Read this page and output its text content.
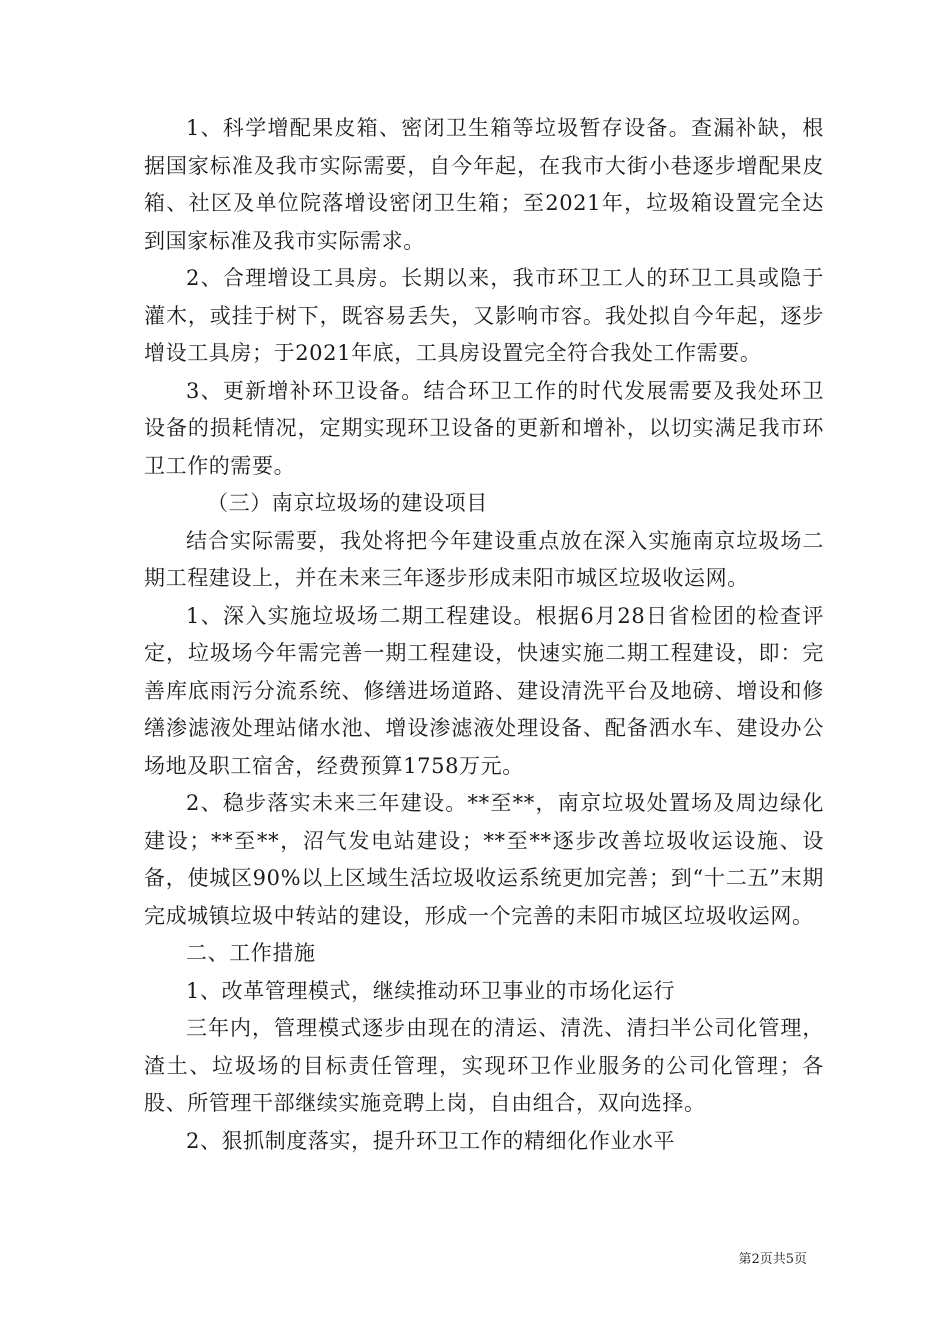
1、科学增配果皮箱、密闭卫生箱等垃圾暂存设备。查漏补缺，根据国家标准及我市实际需要，自今年起，在我市大街小巷逐步增配果皮箱、社区及单位院落增设密闭卫生箱；至2021年，垃圾箱设置完全达到国家标准及我市实际需求。

2、合理增设工具房。长期以来，我市环卫工人的环卫工具或隐于灌木，或挂于树下，既容易丢失，又影响市容。我处拟自今年起，逐步增设工具房；于2021年底，工具房设置完全符合我处工作需要。

3、更新增补环卫设备。结合环卫工作的时代发展需要及我处环卫设备的损耗情况，定期实现环卫设备的更新和增补，以切实满足我市环卫工作的需要。

（三）南京垃圾场的建设项目

结合实际需要，我处将把今年建设重点放在深入实施南京垃圾场二期工程建设上，并在未来三年逐步形成耒阳市城区垃圾收运网。

1、深入实施垃圾场二期工程建设。根据6月28日省检团的检查评定，垃圾场今年需完善一期工程建设，快速实施二期工程建设，即：完善库底雨污分流系统、修缮进场道路、建设清洗平台及地磅、增设和修缮渗滤液处理站储水池、增设渗滤液处理设备、配备洒水车、建设办公场地及职工宿舍，经费预算1758万元。

2、稳步落实未来三年建设。**至**，南京垃圾处置场及周边绿化建设；**至**，沼气发电站建设；**至**逐步改善垃圾收运设施、设备，使城区90%以上区域生活垃圾收运系统更加完善；到“十二五”末期完成城镇垃圾中转站的建设，形成一个完善的耒阳市城区垃圾收运网。

二、工作措施

1、改革管理模式，继续推动环卫事业的市场化运行

三年内，管理模式逐步由现在的清运、清洗、清扫半公司化管理，渣土、垃圾场的目标责任管理，实现环卫作业服务的公司化管理；各股、所管理干部继续实施竞聘上岗，自由组合，双向选择。

2、狠抓制度落实，提升环卫工作的精细化作业水平

第2页共5页
